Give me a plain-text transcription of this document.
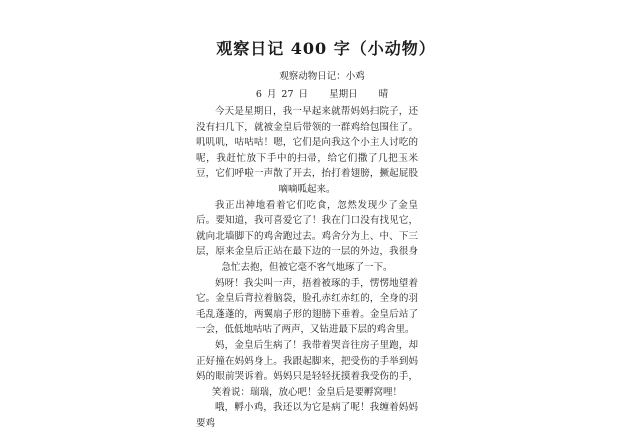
观察日记 400 字（小动物）
观察动物日记：小鸡
6 月 27 日 星期日 晴

今天是星期日，我一早起来就帮妈妈扫院子，还没有扫几下，就被金皇后带领的一群鸡给包围住了。叽叽叽，咕咕咕！嗯，它们是向我这个小主人讨吃的呢，我赶忙放下手中的扫帚，给它们撒了几把玉米豆，它们呼啦一声散了开去，抬打着翅膀，撅起屁股嘀嘀呱起来。

我正出神地看着它们吃食，忽然发现少了金皇后。要知道，我可喜爱它了！我在门口没有找见它，就向北墙脚下的鸡舍跑过去。鸡舍分为上、中、下三层，原来金皇后正站在最下边的一层的外边，我很身急忙去抱，但被它毫不客气地琢了一下。

妈呀！我尖叫一声，捂着被琢的手，愣愣地望着它。金皇后背拉着脑袋，脸孔赤红赤红的，全身的羽毛乱蓬蓬的，两翼扇子形的翅膀下垂着。金皇后站了一会，低低地咕咕了两声，又钻进最下层的鸡舍里。

妈，金皇后生病了！我带着哭音往房子里跑，却正好撞在妈妈身上。我跟起脚来，把受伤的手举到妈妈的眼前哭诉着。妈妈只是轻轻抚摸着我受伤的手，笑着说：瑞瑞，放心吧！金皇后是要孵窝哩！

哦，孵小鸡，我还以为它是病了呢！我缠着妈妈要鸡
